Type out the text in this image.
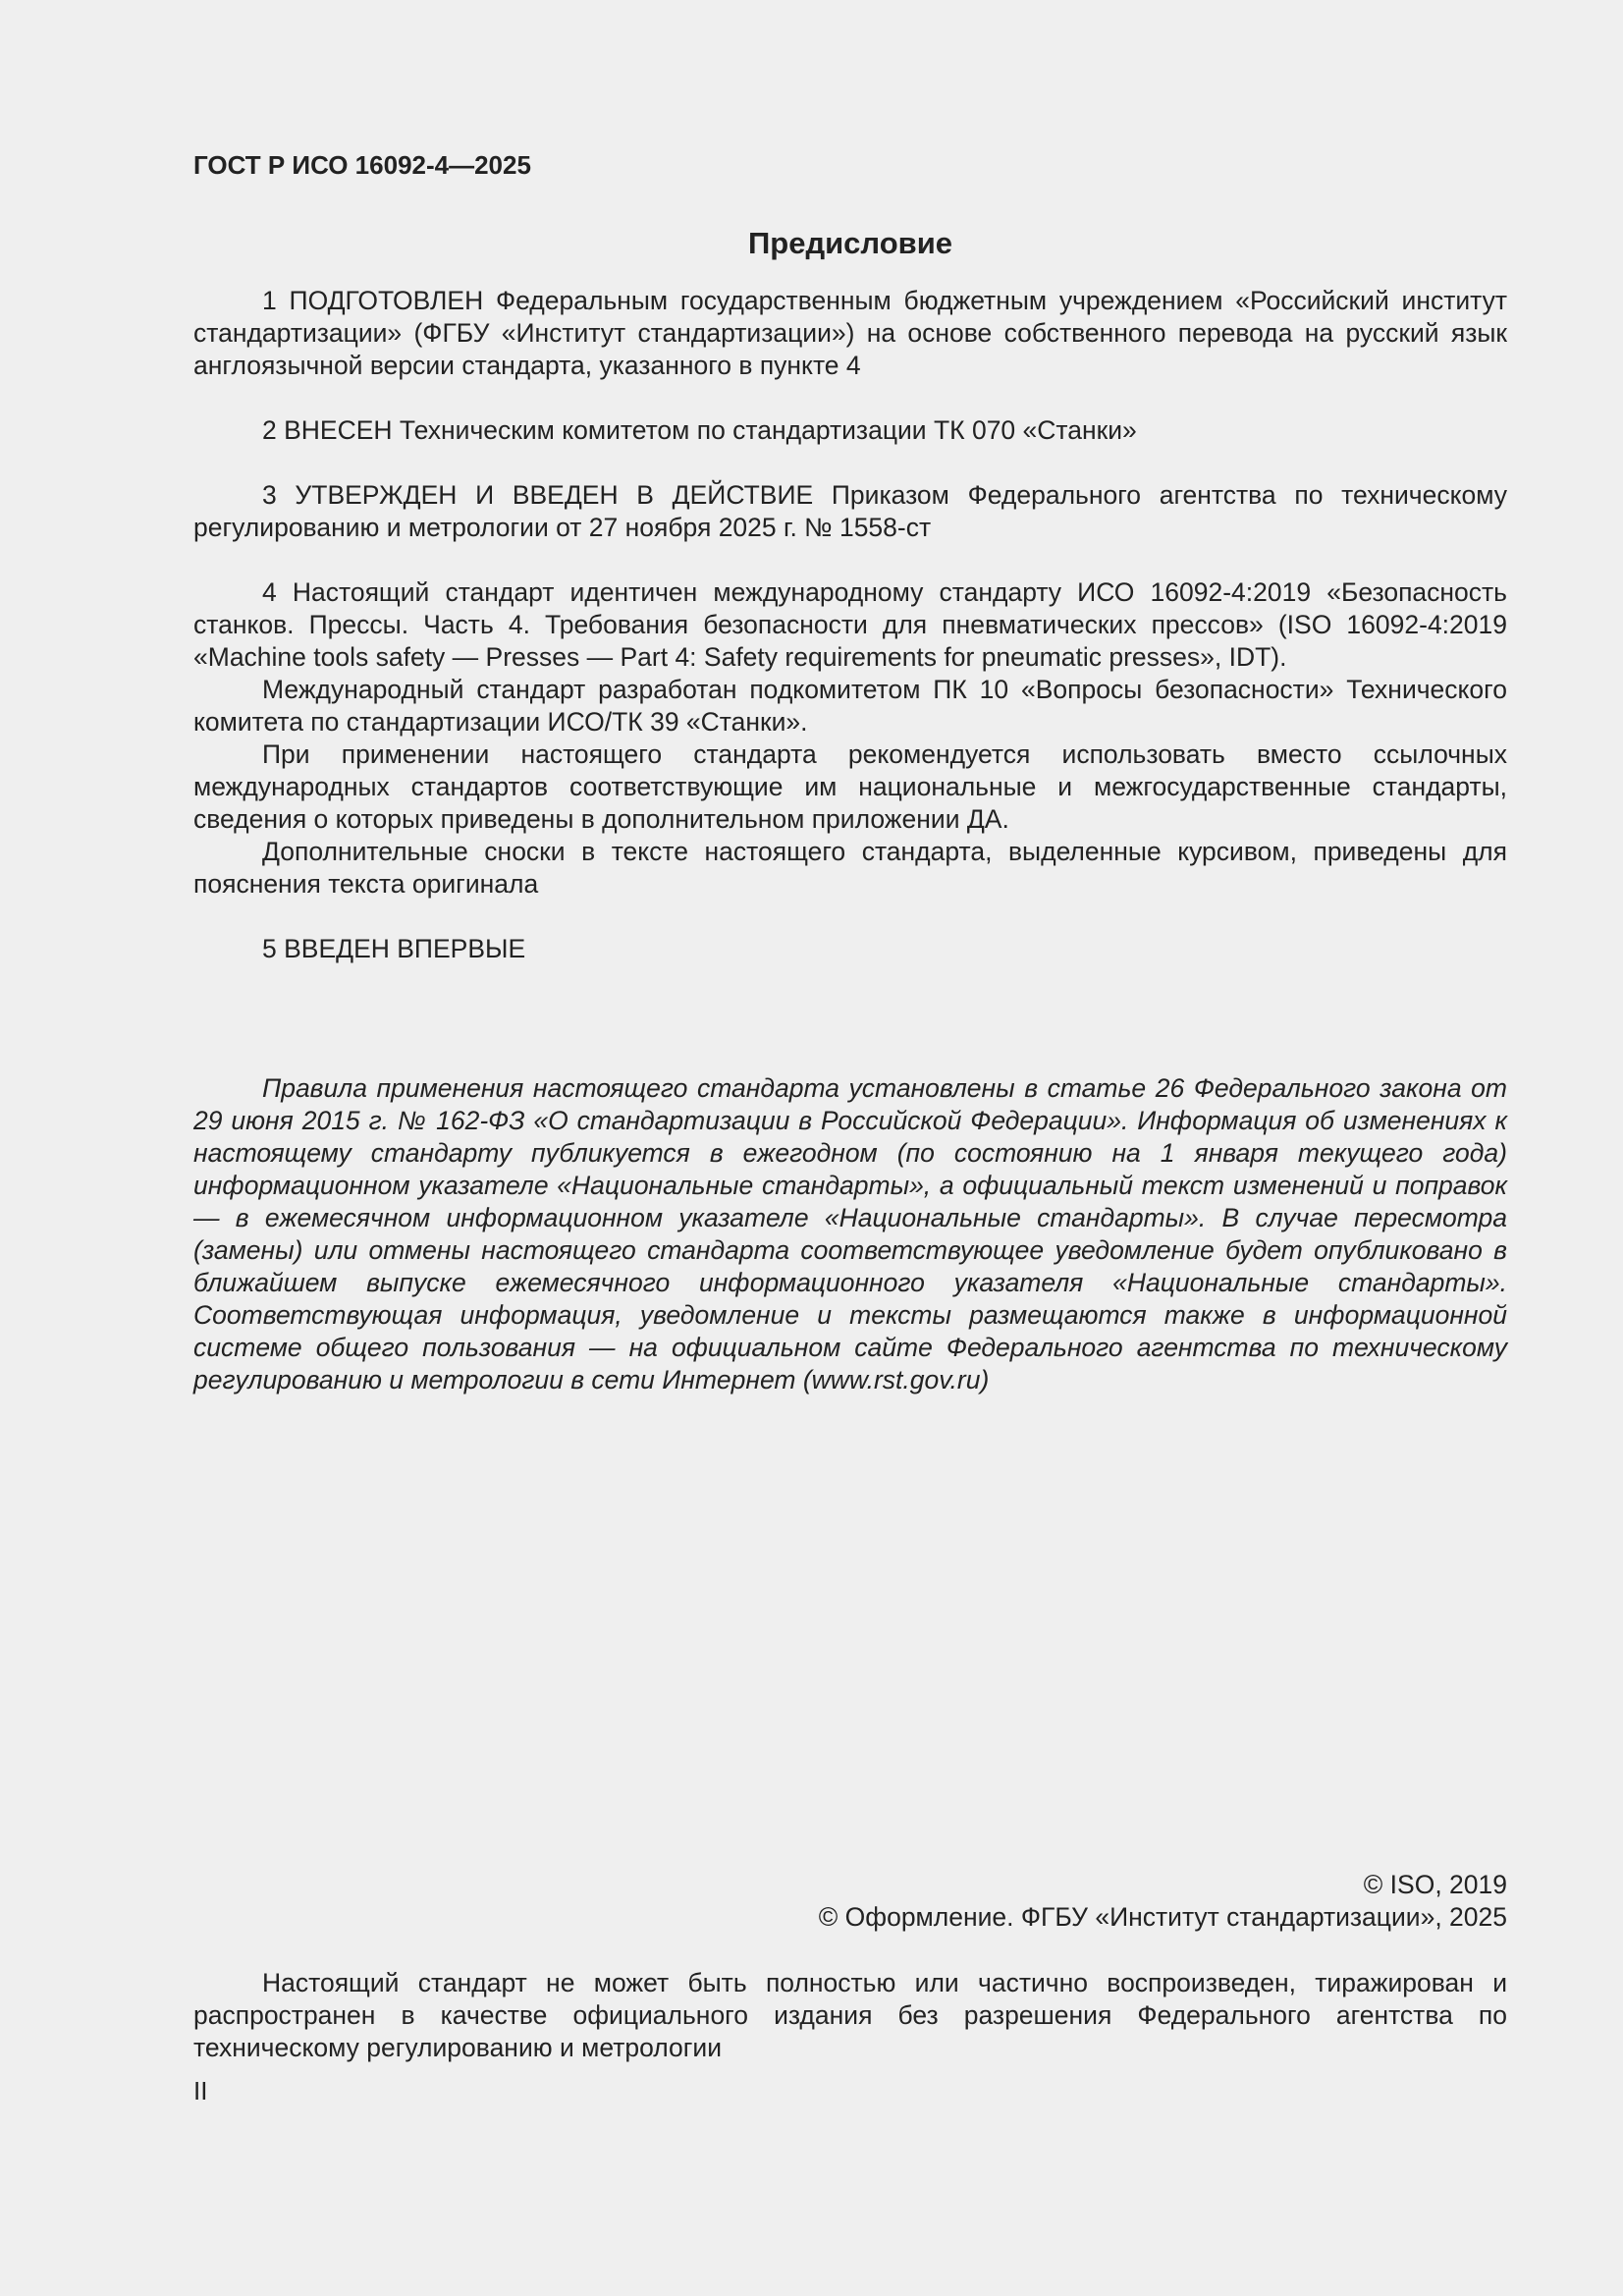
ГОСТ Р ИСО 16092-4—2025
Предисловие

1 ПОДГОТОВЛЕН Федеральным государственным бюджетным учреждением «Российский институт стандартизации» (ФГБУ «Институт стандартизации») на основе собственного перевода на русский язык англоязычной версии стандарта, указанного в пункте 4

2 ВНЕСЕН Техническим комитетом по стандартизации ТК 070 «Станки»

3 УТВЕРЖДЕН И ВВЕДЕН В ДЕЙСТВИЕ Приказом Федерального агентства по техническому регулированию и метрологии от 27 ноября 2025 г. № 1558-ст

4 Настоящий стандарт идентичен международному стандарту ИСО 16092-4:2019 «Безопасность станков. Прессы. Часть 4. Требования безопасности для пневматических прессов» (ISO 16092-4:2019 «Machine tools safety — Presses — Part 4: Safety requirements for pneumatic presses», IDT).

Международный стандарт разработан подкомитетом ПК 10 «Вопросы безопасности» Технического комитета по стандартизации ИСО/ТК 39 «Станки».

При применении настоящего стандарта рекомендуется использовать вместо ссылочных международных стандартов соответствующие им национальные и межгосударственные стандарты, сведения о которых приведены в дополнительном приложении ДА.

Дополнительные сноски в тексте настоящего стандарта, выделенные курсивом, приведены для пояснения текста оригинала

5 ВВЕДЕН ВПЕРВЫЕ

Правила применения настоящего стандарта установлены в статье 26 Федерального закона от 29 июня 2015 г. № 162-ФЗ «О стандартизации в Российской Федерации». Информация об изменениях к настоящему стандарту публикуется в ежегодном (по состоянию на 1 января текущего года) информационном указателе «Национальные стандарты», а официальный текст изменений и поправок — в ежемесячном информационном указателе «Национальные стандарты». В случае пересмотра (замены) или отмены настоящего стандарта соответствующее уведомление будет опубликовано в ближайшем выпуске ежемесячного информационного указателя «Национальные стандарты». Соответствующая информация, уведомление и тексты размещаются также в информационной системе общего пользования — на официальном сайте Федерального агентства по техническому регулированию и метрологии в сети Интернет (www.rst.gov.ru)

© ISO, 2019
© Оформление. ФГБУ «Институт стандартизации», 2025

Настоящий стандарт не может быть полностью или частично воспроизведен, тиражирован и распространен в качестве официального издания без разрешения Федерального агентства по техническому регулированию и метрологии

II
